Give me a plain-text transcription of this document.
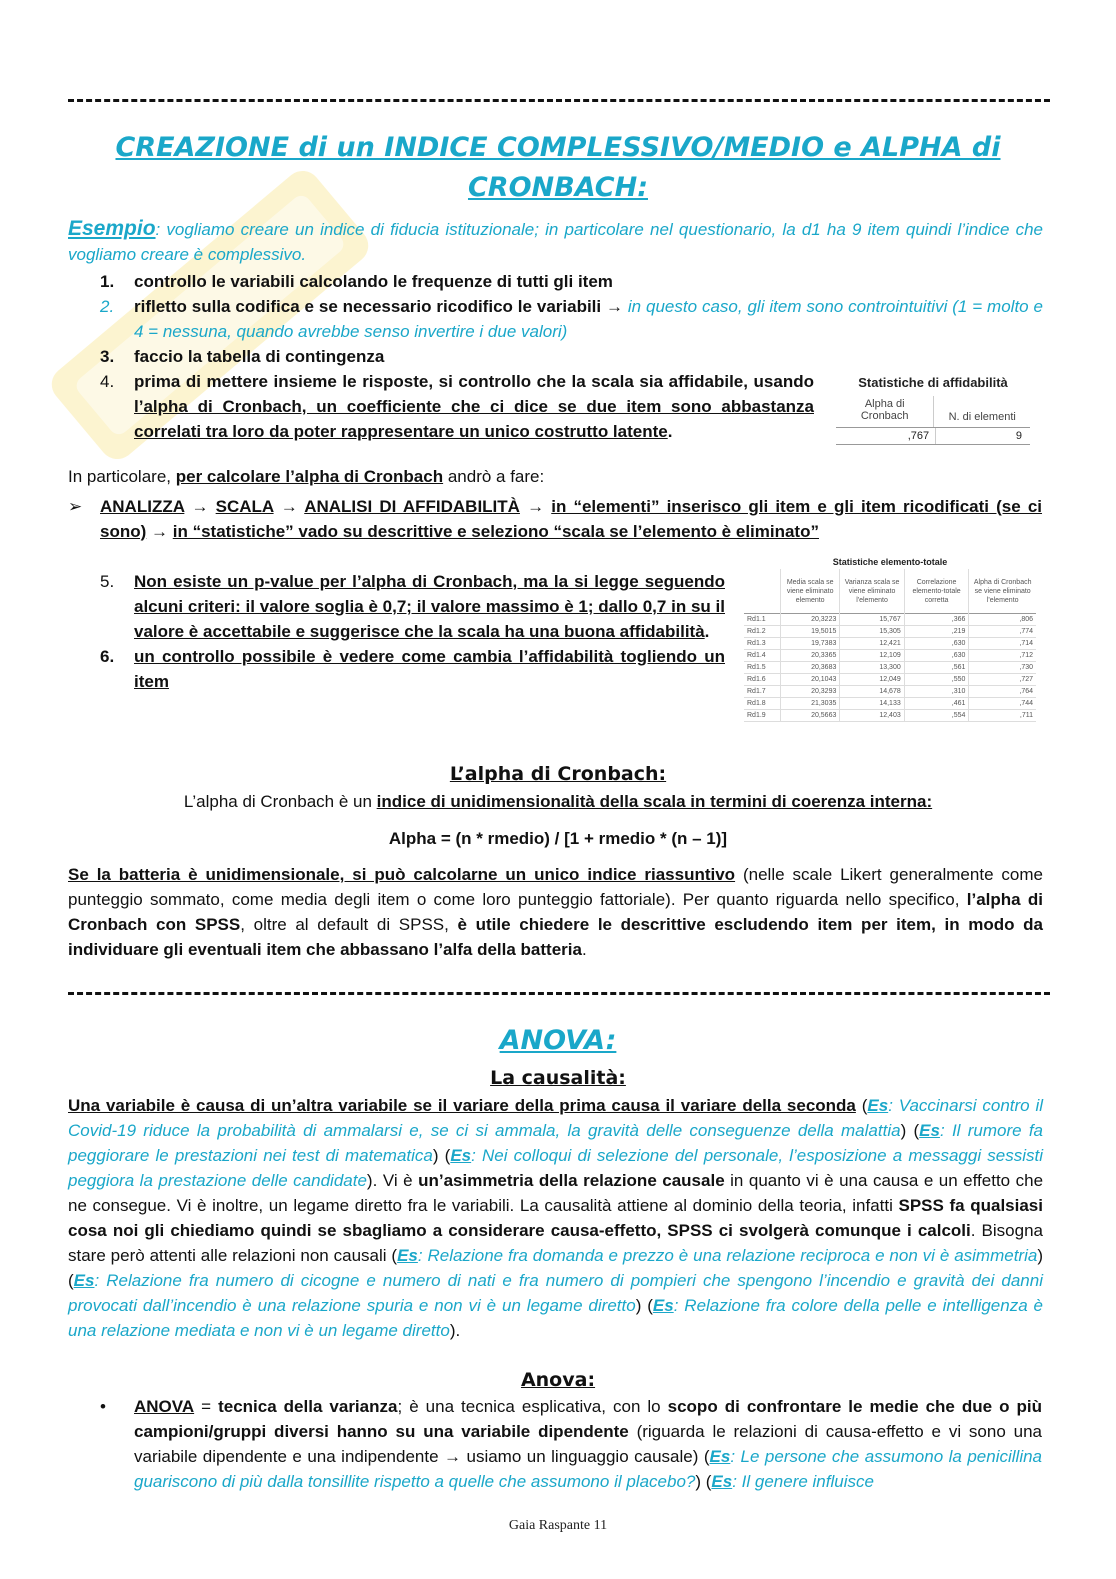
CREAZIONE di un INDICE COMPLESSIVO/MEDIO e ALPHA di
CRONBACH:
Esempio: vogliamo creare un indice di fiducia istituzionale; in particolare nel questionario, la d1 ha 9 item quindi l’indice che vogliamo creare è complessivo.
1. controllo le variabili calcolando le frequenze di tutti gli item
2. rifletto sulla codifica e se necessario ricodifico le variabili → in questo caso, gli item sono controintuitivi (1 = molto e 4 = nessuna, quando avrebbe senso invertire i due valori)
3. faccio la tabella di contingenza
4. prima di mettere insieme le risposte, si controllo che la scala sia affidabile, usando l’alpha di Cronbach, un coefficiente che ci dice se due item sono abbastanza correlati tra loro da poter rappresentare un unico costrutto latente.
Statistiche di affidabilità
Alpha di Cronbach	N. di elementi
,767	9
In particolare, per calcolare l’alpha di Cronbach andrò a fare:
➢ ANALIZZA → SCALA → ANALISI DI AFFIDABILITÀ → in “elementi” inserisco gli item e gli item ricodificati (se ci sono) → in “statistiche” vado su descrittive e seleziono “scala se l’elemento è eliminato”
5. Non esiste un p-value per l’alpha di Cronbach, ma la si legge seguendo alcuni criteri: il valore soglia è 0,7; il valore massimo è 1; dallo 0,7 in su il valore è accettabile e suggerisce che la scala ha una buona affidabilità.
6. un controllo possibile è vedere come cambia l’affidabilità togliendo un item
Statistiche elemento-totale
	Media scala se viene eliminato elemento	Varianza scala se viene eliminato l'elemento	Correlazione elemento-totale corretta	Alpha di Cronbach se viene eliminato l'elemento
Rd1.1	20,3223	15,767	,366	,806
Rd1.2	19,5015	15,305	,219	,774
Rd1.3	19,7383	12,421	,630	,714
Rd1.4	20,3365	12,109	,630	,712
Rd1.5	20,3683	13,300	,561	,730
Rd1.6	20,1043	12,049	,550	,727
Rd1.7	20,3293	14,678	,310	,764
Rd1.8	21,3035	14,133	,461	,744
Rd1.9	20,5663	12,403	,554	,711
L’alpha di Cronbach:
L’alpha di Cronbach è un indice di unidimensionalità della scala in termini di coerenza interna:
Alpha = (n * rmedio) / [1 + rmedio * (n – 1)]
Se la batteria è unidimensionale, si può calcolarne un unico indice riassuntivo (nelle scale Likert generalmente come punteggio sommato, come media degli item o come loro punteggio fattoriale). Per quanto riguarda nello specifico, l’alpha di Cronbach con SPSS, oltre al default di SPSS, è utile chiedere le descrittive escludendo item per item, in modo da individuare gli eventuali item che abbassano l’alfa della batteria.
ANOVA:
La causalità:
Una variabile è causa di un’altra variabile se il variare della prima causa il variare della seconda (Es: Vaccinarsi contro il Covid-19 riduce la probabilità di ammalarsi e, se ci si ammala, la gravità delle conseguenze della malattia) (Es: Il rumore fa peggiorare le prestazioni nei test di matematica) (Es: Nei colloqui di selezione del personale, l’esposizione a messaggi sessisti peggiora la prestazione delle candidate). Vi è un’asimmetria della relazione causale in quanto vi è una causa e un effetto che ne consegue. Vi è inoltre, un legame diretto fra le variabili. La causalità attiene al dominio della teoria, infatti SPSS fa qualsiasi cosa noi gli chiediamo quindi se sbagliamo a considerare causa-effetto, SPSS ci svolgerà comunque i calcoli. Bisogna stare però attenti alle relazioni non causali (Es: Relazione fra domanda e prezzo è una relazione reciproca e non vi è asimmetria) (Es: Relazione fra numero di cicogne e numero di nati e fra numero di pompieri che spengono l’incendio e gravità dei danni provocati dall’incendio è una relazione spuria e non vi è un legame diretto) (Es: Relazione fra colore della pelle e intelligenza è una relazione mediata e non vi è un legame diretto).
Anova:
• ANOVA = tecnica della varianza; è una tecnica esplicativa, con lo scopo di confrontare le medie che due o più campioni/gruppi diversi hanno su una variabile dipendente (riguarda le relazioni di causa-effetto e vi sono una variabile dipendente e una indipendente → usiamo un linguaggio causale) (Es: Le persone che assumono la penicillina guariscono di più dalla tonsillite rispetto a quelle che assumono il placebo?) (Es: Il genere influisce
Gaia Raspante 11
